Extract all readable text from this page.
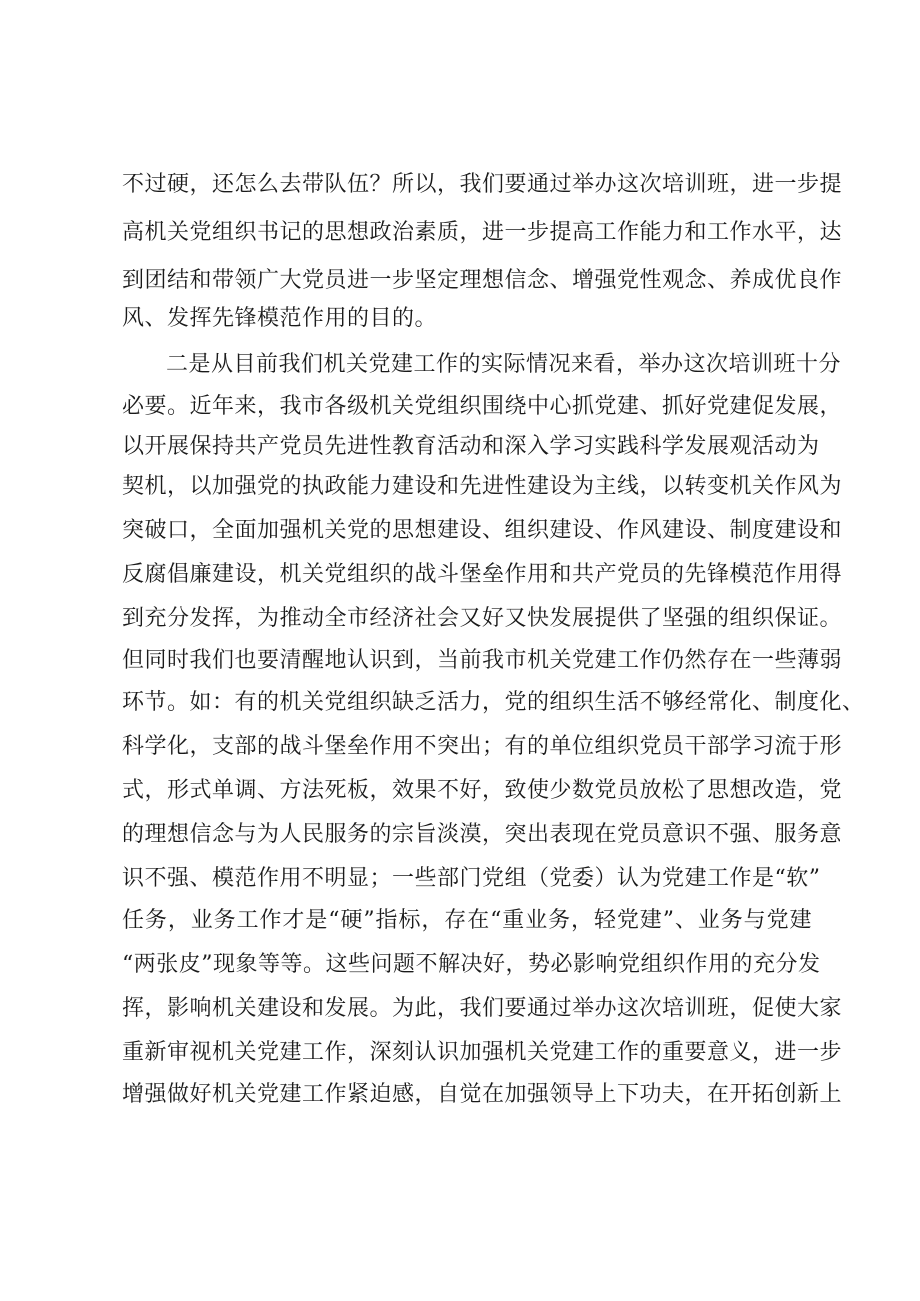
不过硬，还怎么去带队伍？所以，我们要通过举办这次培训班，进一步提
高机关党组织书记的思想政治素质，进一步提高工作能力和工作水平，达
到团结和带领广大党员进一步坚定理想信念、增强党性观念、养成优良作
风、发挥先锋模范作用的目的。
二是从目前我们机关党建工作的实际情况来看，举办这次培训班十分
必要。近年来，我市各级机关党组织围绕中心抓党建、抓好党建促发展，
以开展保持共产党员先进性教育活动和深入学习实践科学发展观活动为
契机，以加强党的执政能力建设和先进性建设为主线，以转变机关作风为
突破口，全面加强机关党的思想建设、组织建设、作风建设、制度建设和
反腐倡廉建设，机关党组织的战斗堡垒作用和共产党员的先锋模范作用得
到充分发挥，为推动全市经济社会又好又快发展提供了坚强的组织保证。
但同时我们也要清醒地认识到，当前我市机关党建工作仍然存在一些薄弱
环节。如：有的机关党组织缺乏活力，党的组织生活不够经常化、制度化、
科学化，支部的战斗堡垒作用不突出；有的单位组织党员干部学习流于形
式，形式单调、方法死板，效果不好，致使少数党员放松了思想改造，党
的理想信念与为人民服务的宗旨淡漠，突出表现在党员意识不强、服务意
识不强、模范作用不明显；一些部门党组（党委）认为党建工作是“软”
任务，业务工作才是“硬”指标，存在“重业务，轻党建”、业务与党建
“两张皮”现象等等。这些问题不解决好，势必影响党组织作用的充分发
挥，影响机关建设和发展。为此，我们要通过举办这次培训班，促使大家
重新审视机关党建工作，深刻认识加强机关党建工作的重要意义，进一步
增强做好机关党建工作紧迫感，自觉在加强领导上下功夫，在开拓创新上
